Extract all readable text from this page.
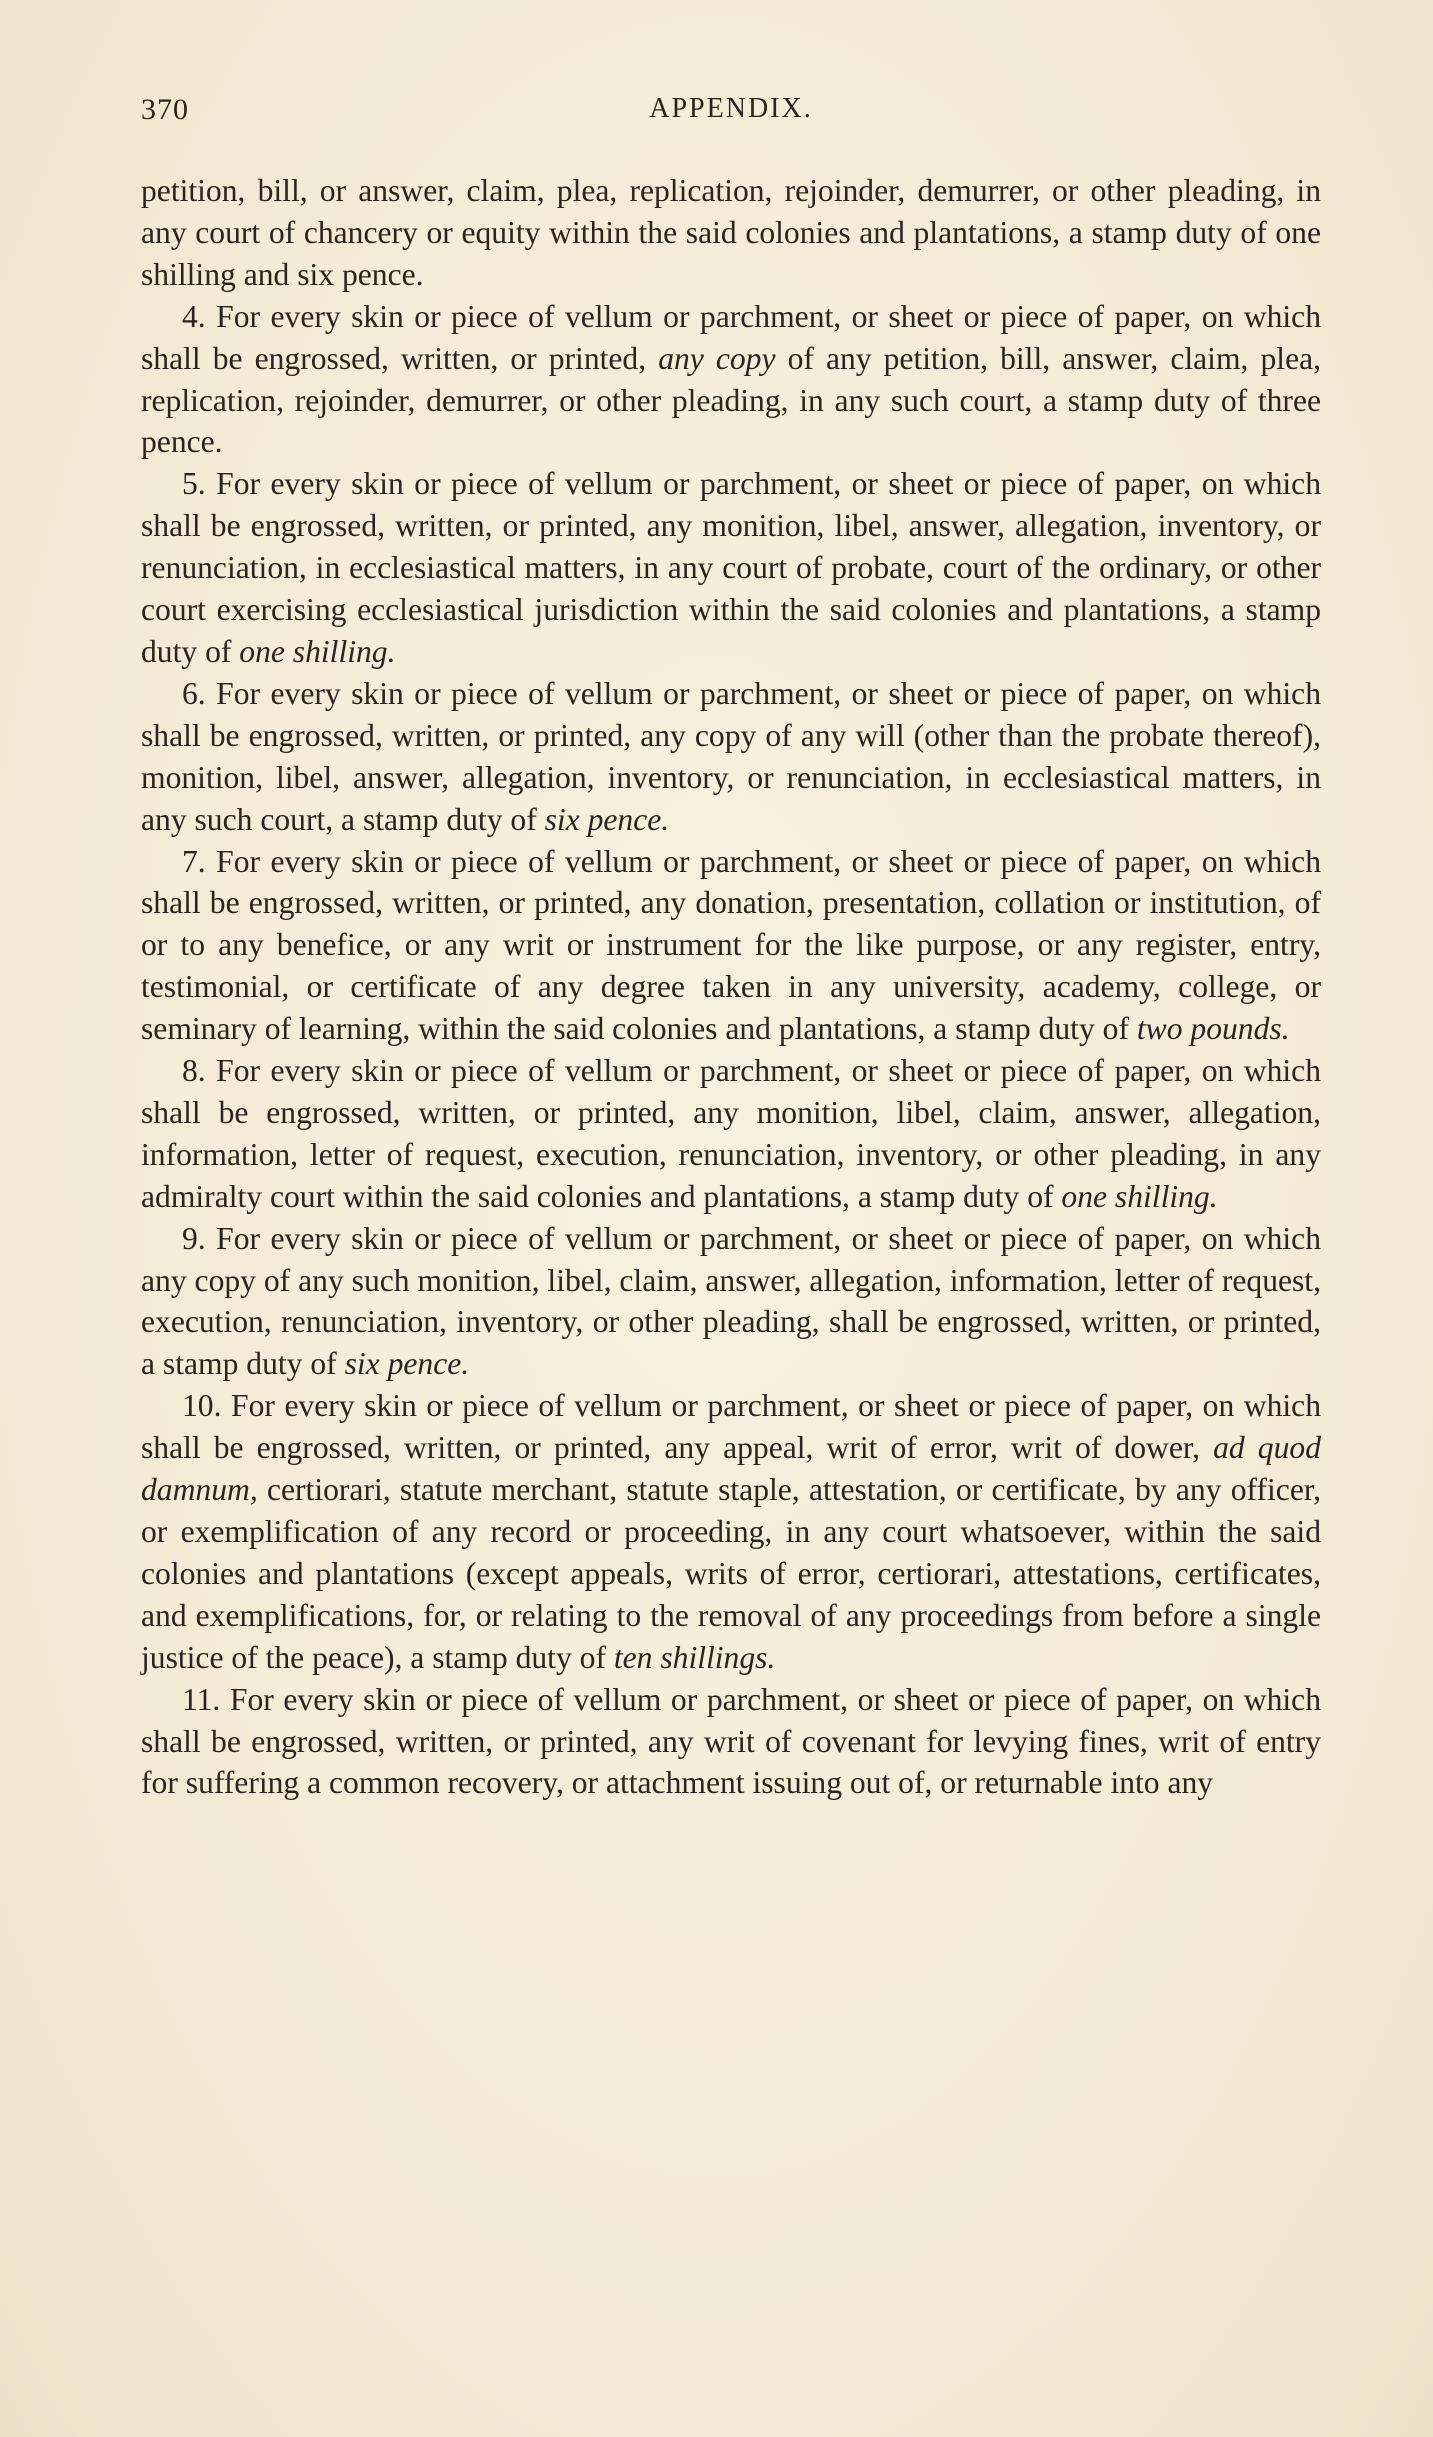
370	APPENDIX.

petition, bill, or answer, claim, plea, replication, rejoinder, demurrer, or other pleading, in any court of chancery or equity within the said colonies and plantations, a stamp duty of one shilling and six pence.

4. For every skin or piece of vellum or parchment, or sheet or piece of paper, on which shall be engrossed, written, or printed, any copy of any petition, bill, answer, claim, plea, replication, rejoinder, demurrer, or other pleading, in any such court, a stamp duty of three pence.

5. For every skin or piece of vellum or parchment, or sheet or piece of paper, on which shall be engrossed, written, or printed, any monition, libel, answer, allegation, inventory, or renunciation, in ecclesiastical matters, in any court of probate, court of the ordinary, or other court exercising ecclesiastical jurisdiction within the said colonies and plantations, a stamp duty of one shilling.

6. For every skin or piece of vellum or parchment, or sheet or piece of paper, on which shall be engrossed, written, or printed, any copy of any will (other than the probate thereof), monition, libel, answer, allegation, inventory, or renunciation, in ecclesiastical matters, in any such court, a stamp duty of six pence.

7. For every skin or piece of vellum or parchment, or sheet or piece of paper, on which shall be engrossed, written, or printed, any donation, presentation, collation or institution, of or to any benefice, or any writ or instrument for the like purpose, or any register, entry, testimonial, or certificate of any degree taken in any university, academy, college, or seminary of learning, within the said colonies and plantations, a stamp duty of two pounds.

8. For every skin or piece of vellum or parchment, or sheet or piece of paper, on which shall be engrossed, written, or printed, any monition, libel, claim, answer, allegation, information, letter of request, execution, renunciation, inventory, or other pleading, in any admiralty court within the said colonies and plantations, a stamp duty of one shilling.

9. For every skin or piece of vellum or parchment, or sheet or piece of paper, on which any copy of any such monition, libel, claim, answer, allegation, information, letter of request, execution, renunciation, inventory, or other pleading, shall be engrossed, written, or printed, a stamp duty of six pence.

10. For every skin or piece of vellum or parchment, or sheet or piece of paper, on which shall be engrossed, written, or printed, any appeal, writ of error, writ of dower, ad quod damnum, certiorari, statute merchant, statute staple, attestation, or certificate, by any officer, or exemplification of any record or proceeding, in any court whatsoever, within the said colonies and plantations (except appeals, writs of error, certiorari, attestations, certificates, and exemplifications, for, or relating to the removal of any proceedings from before a single justice of the peace), a stamp duty of ten shillings.

11. For every skin or piece of vellum or parchment, or sheet or piece of paper, on which shall be engrossed, written, or printed, any writ of covenant for levying fines, writ of entry for suffering a common recovery, or attachment issuing out of, or returnable into any
